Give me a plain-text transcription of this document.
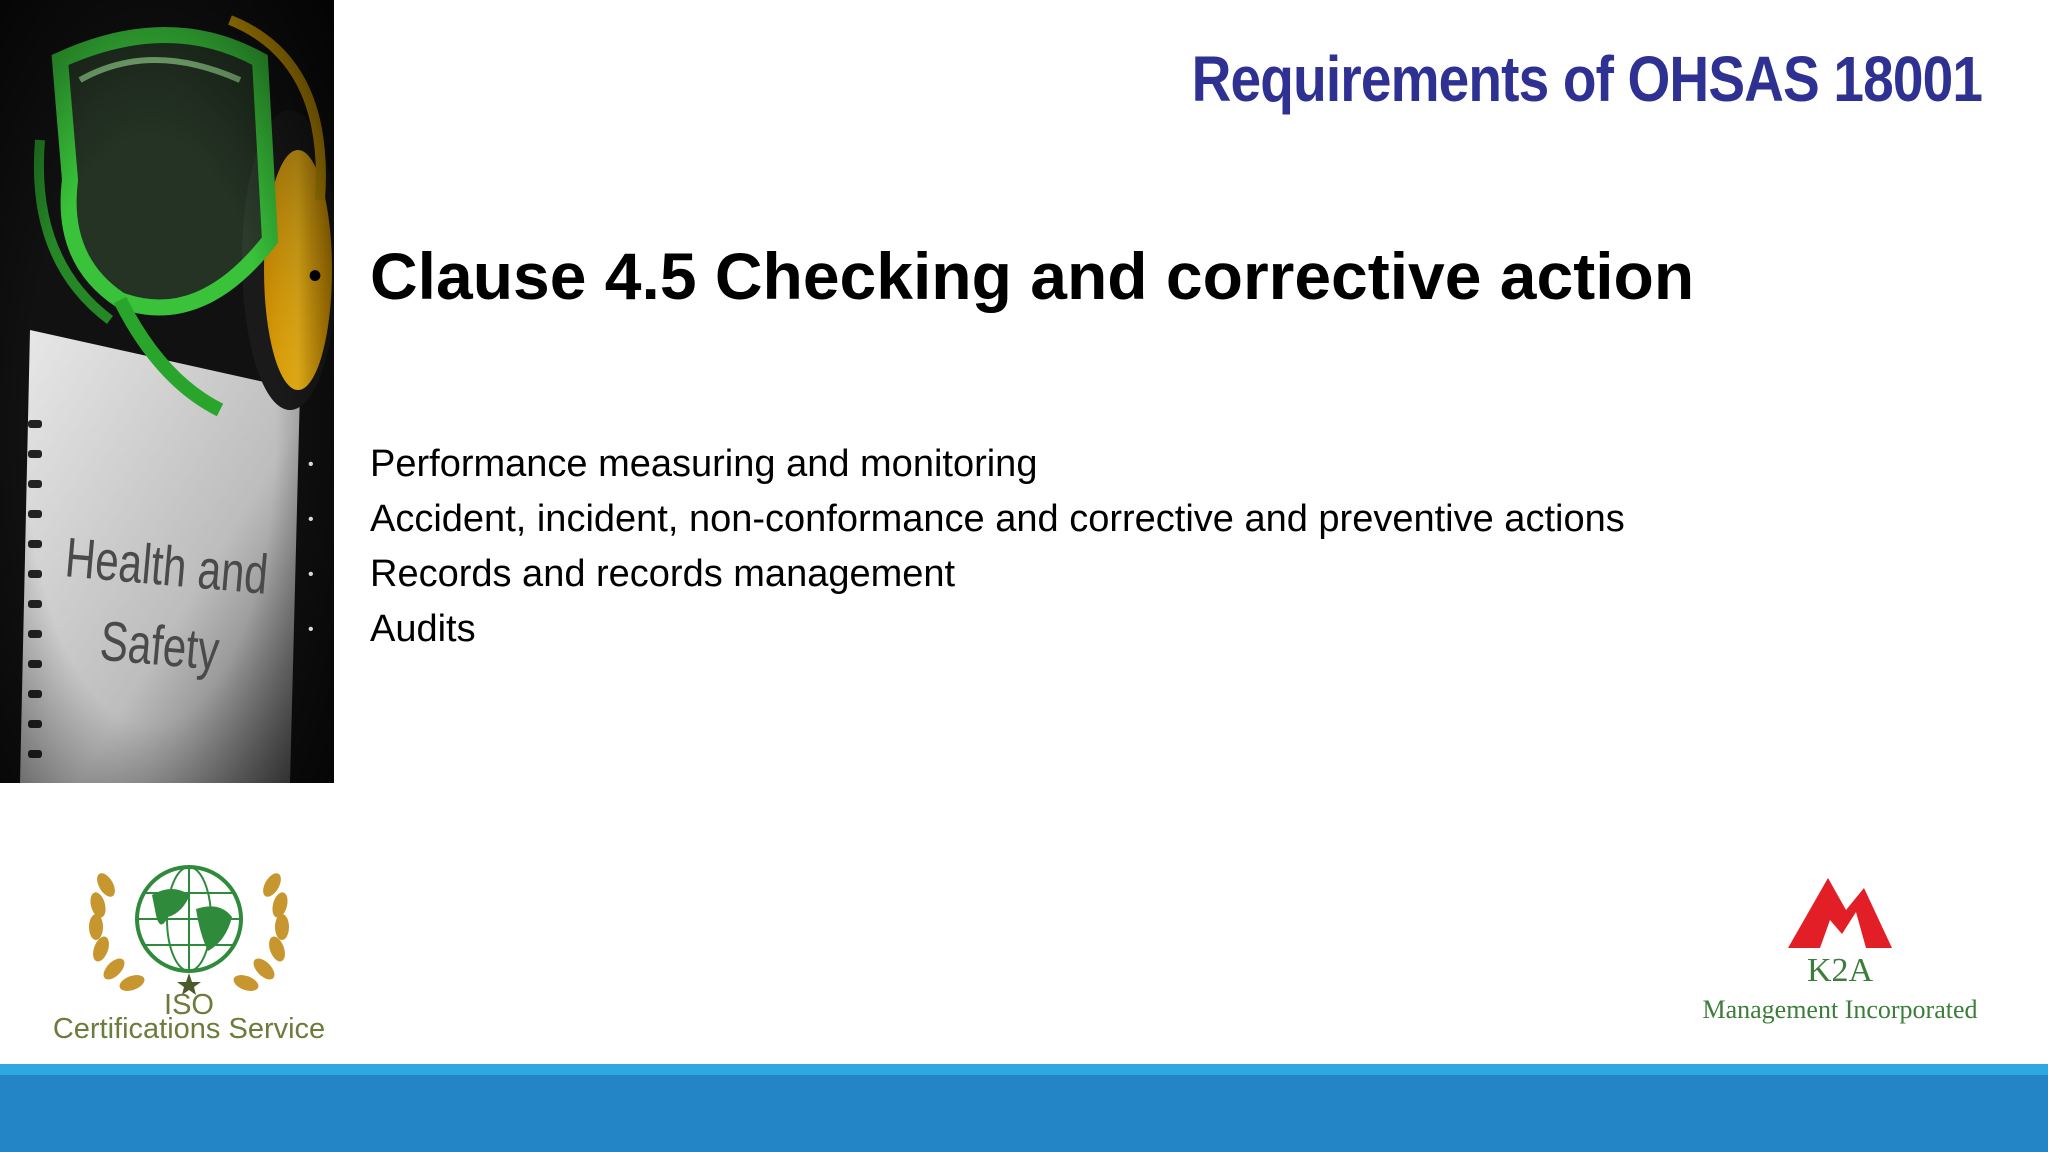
Health and
Safety
Requirements of OHSAS 18001
• Clause 4.5 Checking and corrective action
•	Performance measuring and monitoring
•	Accident, incident, non-conformance and corrective and preventive actions
•	Records and records management
•	Audits
ISO
Certifications Service
K2A
Management Incorporated
